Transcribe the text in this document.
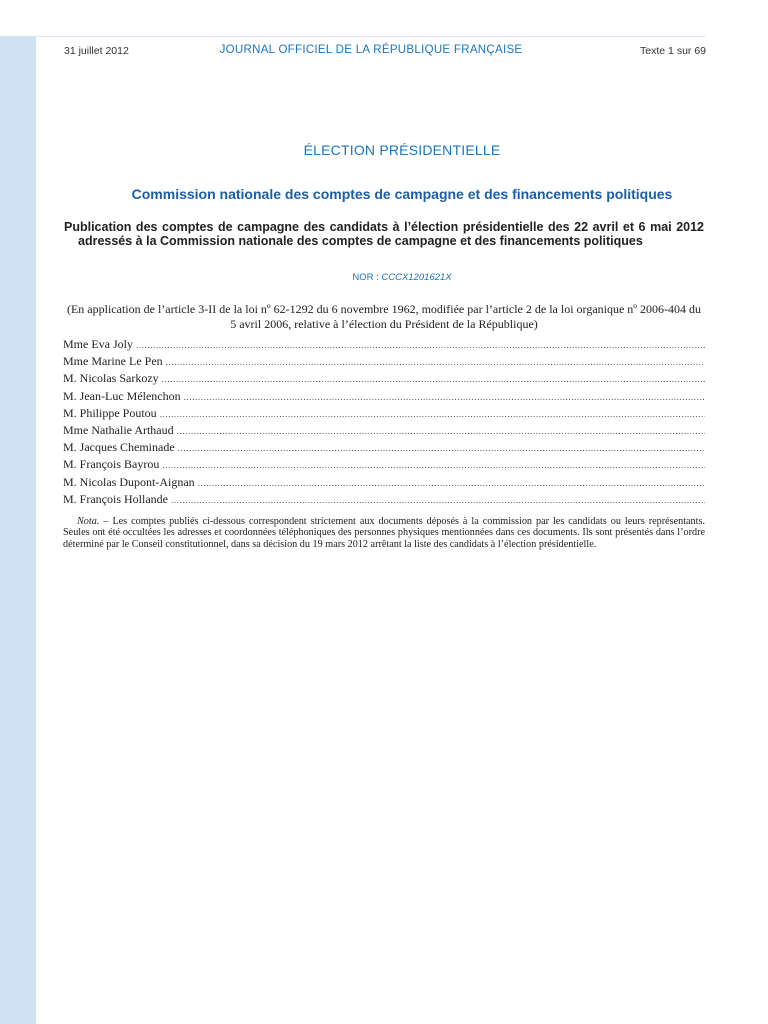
31 juillet 2012	JOURNAL OFFICIEL DE LA RÉPUBLIQUE FRANÇAISE	Texte 1 sur 69
ÉLECTION PRÉSIDENTIELLE
Commission nationale des comptes de campagne et des financements politiques
Publication des comptes de campagne des candidats à l’élection présidentielle des 22 avril et 6 mai 2012 adressés à la Commission nationale des comptes de campagne et des financements politiques
NOR : CCCX1201621X
(En application de l’article 3-II de la loi nº 62-1292 du 6 novembre 1962, modifiée par l’article 2 de la loi organique nº 2006-404 du 5 avril 2006, relative à l’élection du Président de la République)
Mme Eva Joly
.....
Mme Marine Le Pen
.....
M. Nicolas Sarkozy
.....
M. Jean-Luc Mélenchon
.....
M. Philippe Poutou
.....
Mme Nathalie Arthaud
.....
M. Jacques Cheminade
.....
M. François Bayrou
.....
M. Nicolas Dupont-Aignan
.....
M. François Hollande
.....
Nota. – Les comptes publiés ci-dessous correspondent strictement aux documents déposés à la commission par les candidats ou leurs représentants. Seules ont été occultées les adresses et coordonnées téléphoniques des personnes physiques mentionnées dans ces documents. Ils sont présentés dans l’ordre déterminé par le Conseil constitutionnel, dans sa décision du 19 mars 2012 arrêtant la liste des candidats à l’élection présidentielle.
